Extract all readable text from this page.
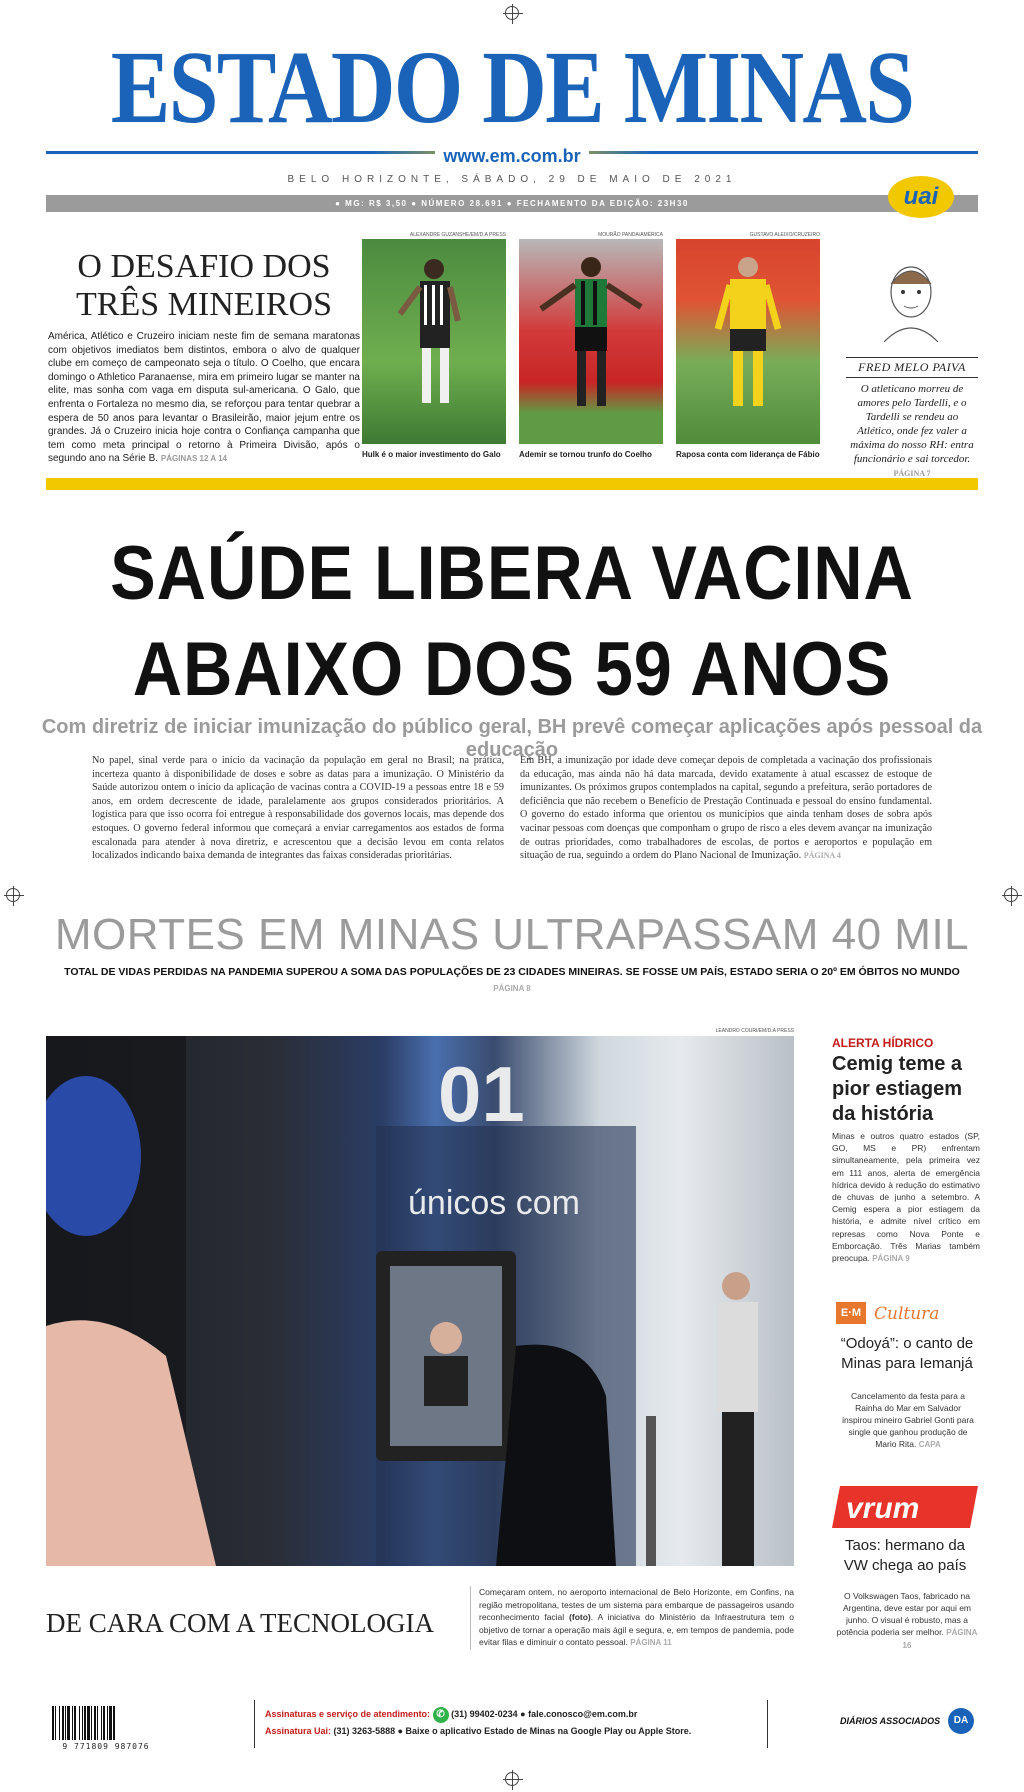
ESTADO DE MINAS
www.em.com.br
BELO HORIZONTE, SÁBADO, 29 DE MAIO DE 2021
● MG: R$ 3,50 ● NÚMERO 28.691 ● FECHAMENTO DA EDIÇÃO: 23H30	uai
O DESAFIO DOS
TRÊS MINEIROS
América, Atlético e Cruzeiro iniciam neste fim de semana maratonas com objetivos imediatos bem distintos, embora o alvo de qualquer clube em começo de campeonato seja o título. O Coelho, que encara domingo o Athletico Paranaense, mira em primeiro lugar se manter na elite, mas sonha com vaga em disputa sul-americana. O Galo, que enfrenta o Fortaleza no mesmo dia, se reforçou para tentar quebrar a espera de 50 anos para levantar o Brasileirão, maior jejum entre os grandes. Já o Cruzeiro inicia hoje contra o Confiança campanha que tem como meta principal o retorno à Primeira Divisão, após o segundo ano na Série B. PÁGINAS 12 A 14
ALEXANDRE GUZANSHE/EM/D.A PRESS
Hulk é o maior investimento do Galo
MOURÃO PANDA/AMÉRICA
Ademir se tornou trunfo do Coelho
GUSTAVO ALEIXO/CRUZEIRO
Raposa conta com liderança de Fábio
FRED MELO PAIVA
O atleticano morreu de amores pelo Tardelli, e o Tardelli se rendeu ao Atlético, onde fez valer a máxima do nosso RH: entra funcionário e sai torcedor. PÁGINA 7
SAÚDE LIBERA VACINA
ABAIXO DOS 59 ANOS
Com diretriz de iniciar imunização do público geral, BH prevê começar aplicações após pessoal da educação
No papel, sinal verde para o início da vacinação da população em geral no Brasil; na prática, incerteza quanto à disponibilidade de doses e sobre as datas para a imunização. O Ministério da Saúde autorizou ontem o início da aplicação de vacinas contra a COVID-19 a pessoas entre 18 e 59 anos, em ordem decrescente de idade, paralelamente aos grupos considerados prioritários. A logística para que isso ocorra foi entregue à responsabilidade dos governos locais, mas depende dos estoques. O governo federal informou que começará a enviar carregamentos aos estados de forma escalonada para atender à nova diretriz, e acrescentou que a decisão levou em conta relatos localizados indicando baixa demanda de integrantes das faixas consideradas prioritárias.
Em BH, a imunização por idade deve começar depois de completada a vacinação dos profissionais da educação, mas ainda não há data marcada, devido exatamente à atual escassez de estoque de imunizantes. Os próximos grupos contemplados na capital, segundo a prefeitura, serão portadores de deficiência que não recebem o Benefício de Prestação Continuada e pessoal do ensino fundamental. O governo do estado informa que orientou os municípios que ainda tenham doses de sobra após vacinar pessoas com doenças que componham o grupo de risco a eles devem avançar na imunização de outras prioridades, como trabalhadores de escolas, de portos e aeroportos e população em situação de rua, seguindo a ordem do Plano Nacional de Imunização. PÁGINA 4
MORTES EM MINAS ULTRAPASSAM 40 MIL
TOTAL DE VIDAS PERDIDAS NA PANDEMIA SUPEROU A SOMA DAS POPULAÇÕES DE 23 CIDADES MINEIRAS. SE FOSSE UM PAÍS, ESTADO SERIA O 20º EM ÓBITOS NO MUNDO
PÁGINA 8
LEANDRO COURI/EM/D.A PRESS
01
únicos com
ALERTA HÍDRICO
Cemig teme a pior estiagem da história
Minas e outros quatro estados (SP, GO, MS e PR) enfrentam simultaneamente, pela primeira vez em 111 anos, alerta de emergência hídrica devido à redução do estimativo de chuvas de junho a setembro. A Cemig espera a pior estiagem da história, e admite nível crítico em represas como Nova Ponte e Emborcação. Três Marias também preocupa. PÁGINA 9
E·M Cultura
“Odoyá”: o canto de Minas para Iemanjá
Cancelamento da festa para a Rainha do Mar em Salvador inspirou mineiro Gabriel Gonti para single que ganhou produção de Mario Rita. CAPA
vrum
Taos: hermano da VW chega ao país
O Volkswagen Taos, fabricado na Argentina, deve estar por aqui em junho. O visual é robusto, mas a potência poderia ser melhor. PÁGINA 16
DE CARA COM A TECNOLOGIA
Começaram ontem, no aeroporto internacional de Belo Horizonte, em Confins, na região metropolitana, testes de um sistema para embarque de passageiros usando reconhecimento facial (foto). A iniciativa do Ministério da Infraestrutura tem o objetivo de tornar a operação mais ágil e segura, e, em tempos de pandemia, pode evitar filas e diminuir o contato pessoal. PÁGINA 11
9 771809 987076
Assinaturas e serviço de atendimento: ✆ (31) 99402-0234 ● fale.conosco@em.com.br
Assinatura Uai: (31) 3263-5888 ● Baixe o aplicativo Estado de Minas na Google Play ou Apple Store.
DIÁRIOS ASSOCIADOS	DA
